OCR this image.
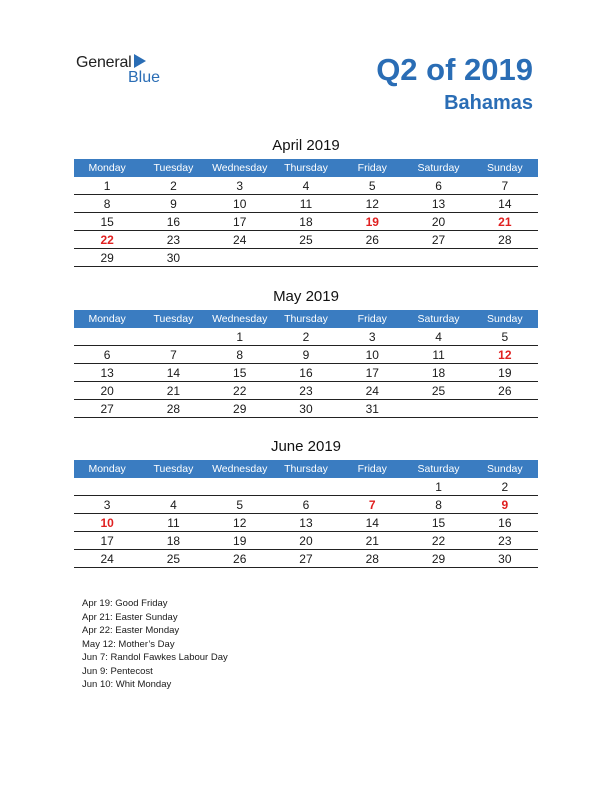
General
Blue	Q2 of 2019
Bahamas
April 2019
Monday	Tuesday	Wednesday	Thursday	Friday	Saturday	Sunday
1	2	3	4	5	6	7
8	9	10	11	12	13	14
15	16	17	18	19	20	21
22	23	24	25	26	27	28
29	30					
May 2019
Monday	Tuesday	Wednesday	Thursday	Friday	Saturday	Sunday
		1	2	3	4	5
6	7	8	9	10	11	12
13	14	15	16	17	18	19
20	21	22	23	24	25	26
27	28	29	30	31		
June 2019
Monday	Tuesday	Wednesday	Thursday	Friday	Saturday	Sunday
					1	2
3	4	5	6	7	8	9
10	11	12	13	14	15	16
17	18	19	20	21	22	23
24	25	26	27	28	29	30
Apr 19: Good Friday
Apr 21: Easter Sunday
Apr 22: Easter Monday
May 12: Mother’s Day
Jun 7: Randol Fawkes Labour Day
Jun 9: Pentecost
Jun 10: Whit Monday
